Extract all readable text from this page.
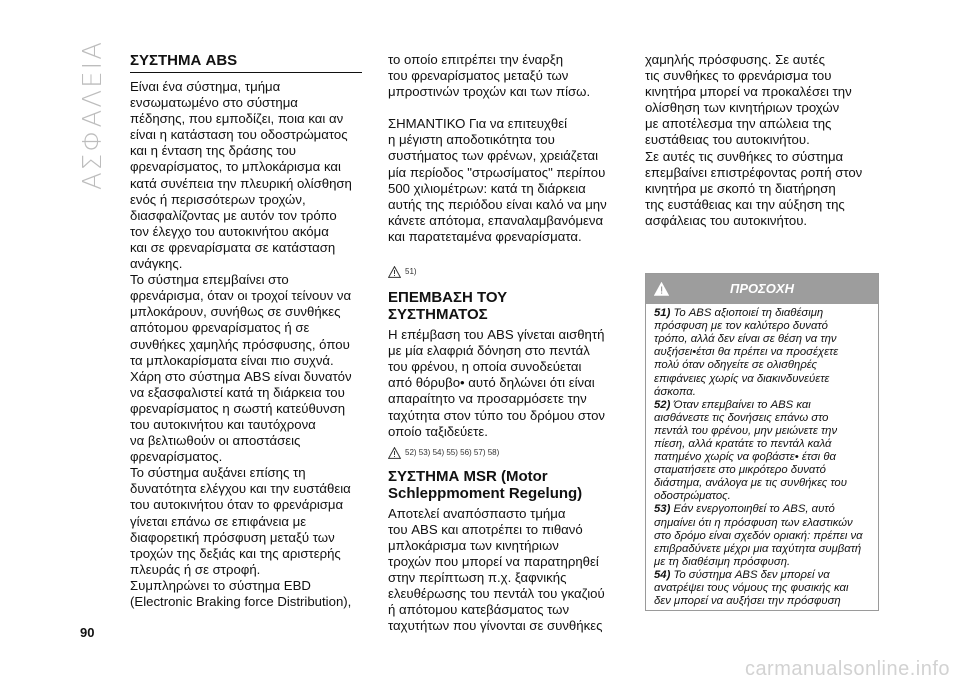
ΑΣΦΑΛΕΙΑ ΣΥΣΤΗΜΑ ABS

Είναι ένα σύστημα, τμήμα

ενσωματωμένο στο σύστημα

πέδησης, που εμποδίζει, ποια και αν

είναι η κατάσταση του οδοστρώματος

και η ένταση της δράσης του

φρεναρίσματος, το μπλοκάρισμα και

κατά συνέπεια την πλευρική ολίσθηση

ενός ή περισσότερων τροχών,

διασφαλίζοντας με αυτόν τον τρόπο

τον έλεγχο του αυτοκινήτου ακόμα

και σε φρεναρίσματα σε κατάσταση

ανάγκης.

Το σύστημα επεμβαίνει στο

φρενάρισμα, όταν οι τροχοί τείνουν να

μπλοκάρουν, συνήθως σε συνθήκες

απότομου φρεναρίσματος ή σε

συνθήκες χαμηλής πρόσφυσης, όπου

τα μπλοκαρίσματα είναι πιο συχνά.

Χάρη στο σύστημα ABS είναι δυνατόν

να εξασφαλιστεί κατά τη διάρκεια του

φρεναρίσματος η σωστή κατεύθυνση

του αυτοκινήτου και ταυτόχρονα

να βελτιωθούν οι αποστάσεις

φρεναρίσματος.

Το σύστημα αυξάνει επίσης τη

δυνατότητα ελέγχου και την ευστάθεια

του αυτοκινήτου όταν το φρενάρισμα

γίνεται επάνω σε επιφάνεια με

διαφορετική πρόσφυση μεταξύ των

τροχών της δεξιάς και της αριστερής

πλευράς ή σε στροφή.

Συμπληρώνει το σύστημα EBD

(Electronic Braking force Distribution),

το οποίο επιτρέπει την έναρξη

του φρεναρίσματος μεταξύ των

μπροστινών τροχών και των πίσω.

ΣΗΜΑΝΤΙΚΟ Για να επιτευχθεί

η μέγιστη αποδοτικότητα του

συστήματος των φρένων, χρειάζεται

μία περίοδος "στρωσίματος" περίπου

500 χιλιομέτρων: κατά τη διάρκεια

αυτής της περιόδου είναι καλό να μην

κάνετε απότομα, επαναλαμβανόμενα

και παρατεταμένα φρεναρίσματα.

51)
ΕΠΕΜΒΑΣΗ ΤΟΥ ΣΥΣΤΗΜΑΤΟΣ

Η επέμβαση του ABS γίνεται αισθητή

με μία ελαφριά δόνηση στο πεντάλ

του φρένου, η οποία συνοδεύεται

από θόρυβο• αυτό δηλώνει ότι είναι

απαραίτητο να προσαρμόσετε την

ταχύτητα στον τύπο του δρόμου στον

οποίο ταξιδεύετε.

52) 53) 54) 55) 56) 57) 58)
ΣΥΣΤΗΜΑ MSR (Motor
Schleppmoment Regelung)

Αποτελεί αναπόσπαστο τμήμα

του ABS και αποτρέπει το πιθανό

μπλοκάρισμα των κινητήριων

τροχών που μπορεί να παρατηρηθεί

στην περίπτωση π.χ. ξαφνικής

ελευθέρωσης του πεντάλ του γκαζιού

ή απότομου κατεβάσματος των

ταχυτήτων που γίνονται σε συνθήκες

χαμηλής πρόσφυσης. Σε αυτές

τις συνθήκες το φρενάρισμα του

κινητήρα μπορεί να προκαλέσει την

ολίσθηση των κινητήριων τροχών

με αποτέλεσμα την απώλεια της

ευστάθειας του αυτοκινήτου.

Σε αυτές τις συνθήκες το σύστημα

επεμβαίνει επιστρέφοντας ροπή στον

κινητήρα με σκοπό τη διατήρηση

της ευστάθειας και την αύξηση της

ασφάλειας του αυτοκινήτου.

ΠΡΟΣΟΧΗ

51) Το ABS αξιοποιεί τη διαθέσιμη

πρόσφυση με τον καλύτερο δυνατό

τρόπο, αλλά δεν είναι σε θέση να την

αυξήσει•έτσι θα πρέπει να προσέχετε

πολύ όταν οδηγείτε σε ολισθηρές

επιφάνειες χωρίς να διακινδυνεύετε

άσκοπα.

52) Όταν επεμβαίνει το ABS και

αισθάνεστε τις δονήσεις επάνω στο

πεντάλ του φρένου, μην μειώνετε την

πίεση, αλλά κρατάτε το πεντάλ καλά

πατημένο χωρίς να φοβάστε• έτσι θα

σταματήσετε στο μικρότερο δυνατό

διάστημα, ανάλογα με τις συνθήκες του

οδοστρώματος.

53) Εάν ενεργοποιηθεί το ABS, αυτό

σημαίνει ότι η πρόσφυση των ελαστικών

στο δρόμο είναι σχεδόν οριακή: πρέπει να

επιβραδύνετε μέχρι μια ταχύτητα συμβατή

με τη διαθέσιμη πρόσφυση.

54) Το σύστημα ABS δεν μπορεί να

ανατρέψει τους νόμους της φυσικής και

δεν μπορεί να αυξήσει την πρόσφυση

90
carmanualsonline.info
